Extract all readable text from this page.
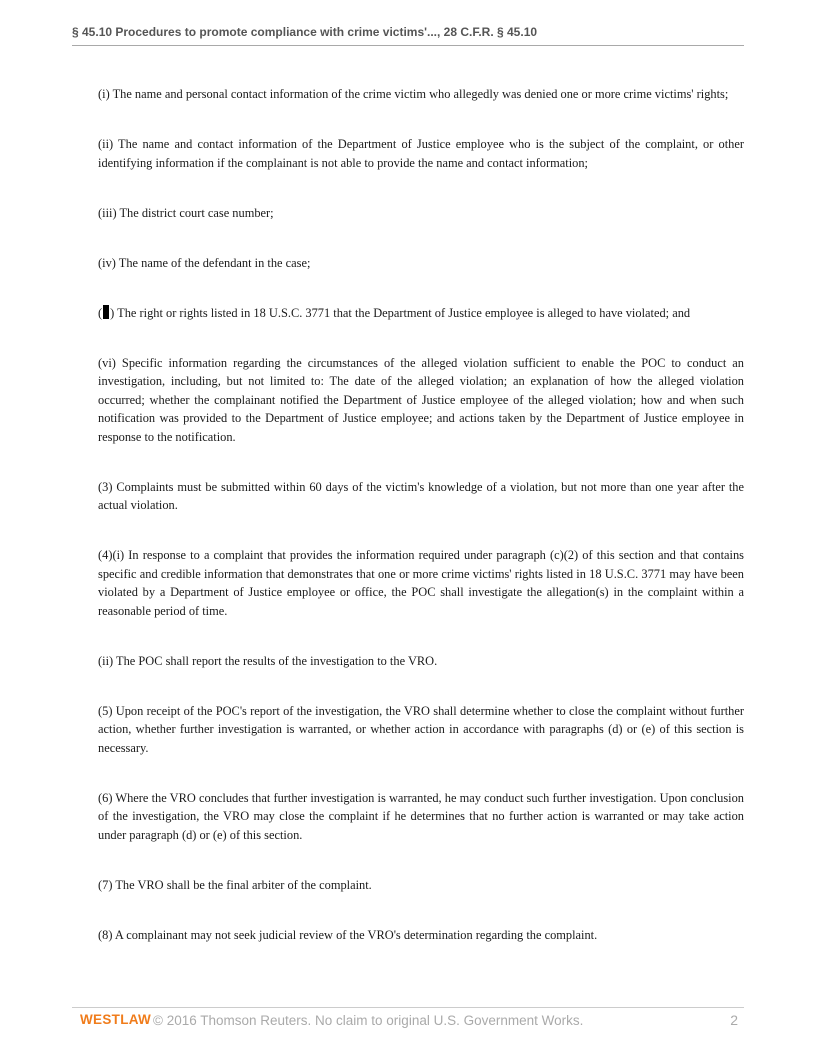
§ 45.10 Procedures to promote compliance with crime victims'..., 28 C.F.R. § 45.10

(i) The name and personal contact information of the crime victim who allegedly was denied one or more crime victims' rights;

(ii) The name and contact information of the Department of Justice employee who is the subject of the complaint, or other identifying information if the complainant is not able to provide the name and contact information;

(iii) The district court case number;

(iv) The name of the defendant in the case;

( ) The right or rights listed in 18 U.S.C. 3771 that the Department of Justice employee is alleged to have violated; and

(vi) Specific information regarding the circumstances of the alleged violation sufficient to enable the POC to conduct an investigation, including, but not limited to: The date of the alleged violation; an explanation of how the alleged violation occurred; whether the complainant notified the Department of Justice employee of the alleged violation; how and when such notification was provided to the Department of Justice employee; and actions taken by the Department of Justice employee in response to the notification.

(3) Complaints must be submitted within 60 days of the victim's knowledge of a violation, but not more than one year after the actual violation.

(4)(i) In response to a complaint that provides the information required under paragraph (c)(2) of this section and that contains specific and credible information that demonstrates that one or more crime victims' rights listed in 18 U.S.C. 3771 may have been violated by a Department of Justice employee or office, the POC shall investigate the allegation(s) in the complaint within a reasonable period of time.

(ii) The POC shall report the results of the investigation to the VRO.

(5) Upon receipt of the POC's report of the investigation, the VRO shall determine whether to close the complaint without further action, whether further investigation is warranted, or whether action in accordance with paragraphs (d) or (e) of this section is necessary.

(6) Where the VRO concludes that further investigation is warranted, he may conduct such further investigation. Upon conclusion of the investigation, the VRO may close the complaint if he determines that no further action is warranted or may take action under paragraph (d) or (e) of this section.

(7) The VRO shall be the final arbiter of the complaint.

(8) A complainant may not seek judicial review of the VRO's determination regarding the complaint.

WESTLAW © 2016 Thomson Reuters. No claim to original U.S. Government Works.	2
